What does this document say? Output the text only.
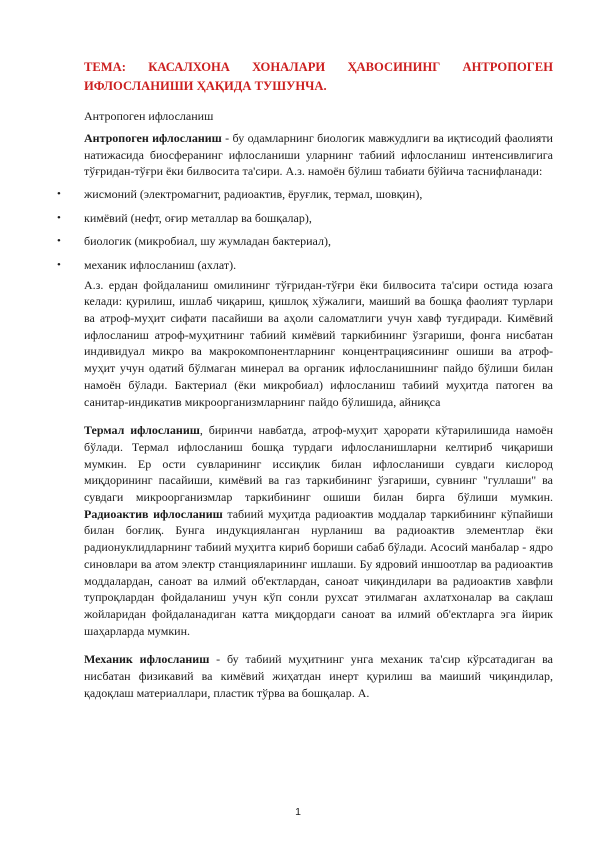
ТЕМА: КАСАЛХОНА ХОНАЛАРИ ҲАВОСИНИНГ АНТРОПОГЕН ИФЛОСЛАНИШИ ҲАҚИДА ТУШУНЧА.
Антропоген ифлосланиш

Антропоген ифлосланиш - бу одамларнинг биологик мавжудлиги ва иқтисодий фаолияти натижасида биосфеpанинг ифлосланиши уларнинг табиий ифлосланиш интенсивлигига тўғридан-тўғри ёки билвосита та'сири. А.з. намоён бўлиш табиати бўйича таснифланади:

• жисмоний (электромагнит, радиоактив, ёруғлик, термал, шовқин),
• кимёвий (нефт, оғир металлар ва бошқалар),
• биологик (микробиал, шу жумладан бактериал),
• механик ифлосланиш (ахлат).

А.з. ердан фойдаланиш омилининг тўғридан-тўғри ёки билвосита та'сири остида юзага келади: қурилиш, ишлаб чиқариш, қишлоқ хўжалиги, маиший ва бошқа фаолият турлари ва атроф-муҳит сифати пасайиши ва аҳоли саломатлиги учун хавф туғдиради. Кимёвий ифлосланиш атроф-муҳитнинг табиий кимёвий таркибининг ўзгариши, фонга нисбатан индивидуал микро ва макрокомпонентларнинг концентрациясининг ошиши ва атроф-муҳит учун одатий бўлмаган минерал ва органик ифлосланишнинг пайдо бўлиши билан намоён бўлади. Бактериал (ёки микробиал) ифлосланиш табиий муҳитда патоген ва санитар-индикатив микроорганизмларнинг пайдо бўлишида, айниқса

Термал ифлосланиш, биринчи навбатда, атроф-муҳит ҳарорати кўтарилишида намоён бўлади. Термал ифлосланиш бошқа турдаги ифлосланишларни келтириб чиқариши мумкин. Ер ости сувларининг иссиқлик билан ифлосланиши сувдаги кислород миқдорининг пасайиши, кимёвий ва газ таркибининг ўзгариши, сувнинг "гуллаши" ва сувдаги микроорганизмлар таркибининг ошиши билан бирга бўлиши мумкин. Радиоактив ифлосланиш табиий муҳитда радиоактив моддалар таркибининг кўпайиши билан боғлиқ. Бунга индукцияланган нурланиш ва радиоактив элементлар ёки радионуклидларнинг табиий муҳитга кириб бориши сабаб бўлади. Асосий манбалар - ядро синовлари ва атом электр станцияларининг ишлаши. Бу ядровий иншоотлар ва радиоактив моддалардан, саноат ва илмий об'ектлардан, саноат чиқиндилари ва радиоактив хавфли тупроқлардан фойдаланиш учун кўп сонли рухсат этилмаган ахлатхоналар ва сақлаш жойларидан фойдаланадиган катта миқдордаги саноат ва илмий об'ектларга эга йирик шаҳарларда мумкин.

Механик ифлосланиш - бу табиий муҳитнинг унга механик та'сир кўрсатадиган ва нисбатан физикавий ва кимёвий жиҳатдан инерт қурилиш ва маиший чиқиндилар, қадоқлаш материаллари, пластик тўрва ва бошқалар. А.

1
